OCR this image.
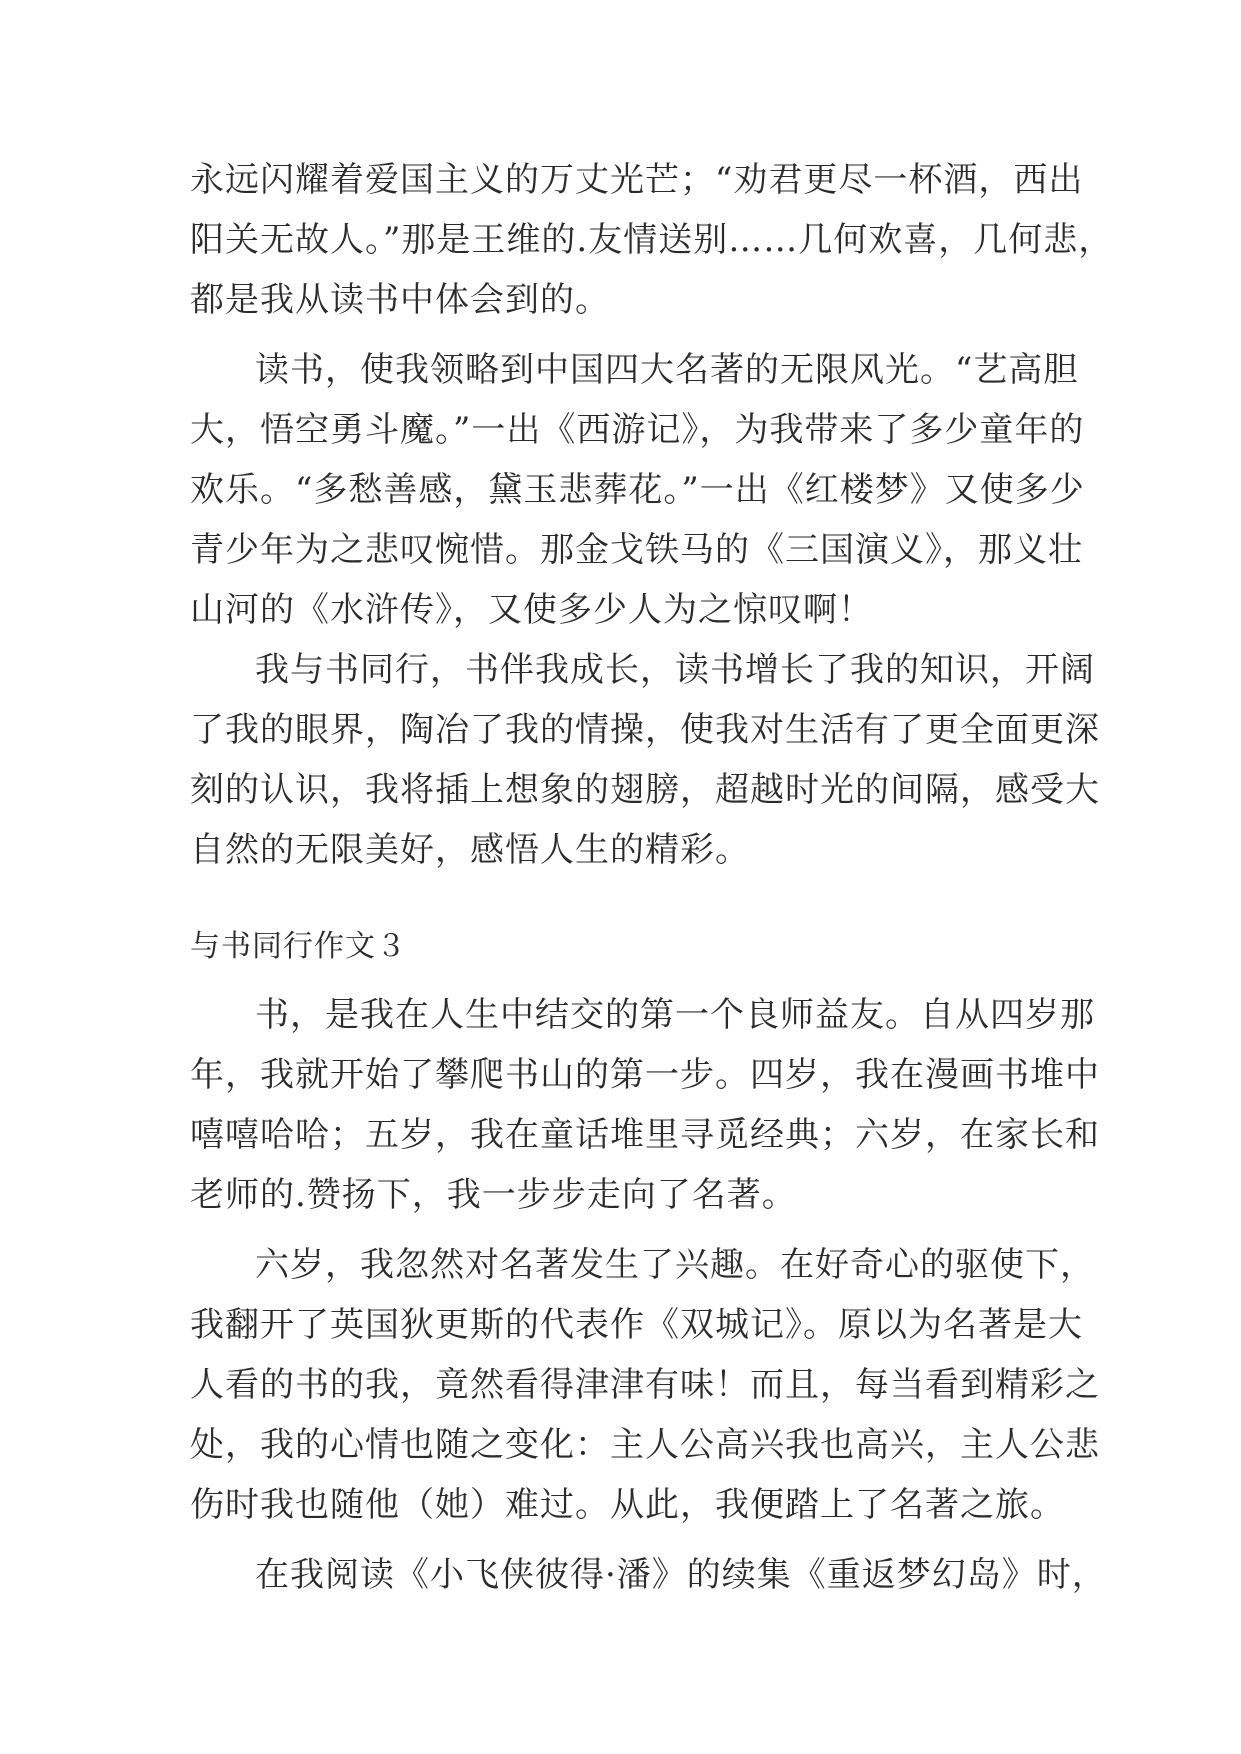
永远闪耀着爱国主义的万丈光芒；“劝君更尽一杯酒，西出
阳关无故人。”那是王维的.友情送别……几何欢喜，几何悲，
都是我从读书中体会到的。
读书，使我领略到中国四大名著的无限风光。“艺高胆
大，悟空勇斗魔。”一出《西游记》，为我带来了多少童年的
欢乐。“多愁善感，黛玉悲葬花。”一出《红楼梦》又使多少
青少年为之悲叹惋惜。那金戈铁马的《三国演义》，那义壮
山河的《水浒传》，又使多少人为之惊叹啊！
我与书同行，书伴我成长，读书增长了我的知识，开阔
了我的眼界，陶冶了我的情操，使我对生活有了更全面更深
刻的认识，我将插上想象的翅膀，超越时光的间隔，感受大
自然的无限美好，感悟人生的精彩。
与书同行作文３
书，是我在人生中结交的第一个良师益友。自从四岁那
年，我就开始了攀爬书山的第一步。四岁，我在漫画书堆中
嘻嘻哈哈；五岁，我在童话堆里寻觅经典；六岁，在家长和
老师的.赞扬下，我一步步走向了名著。
六岁，我忽然对名著发生了兴趣。在好奇心的驱使下，
我翻开了英国狄更斯的代表作《双城记》。原以为名著是大
人看的书的我，竟然看得津津有味！而且，每当看到精彩之
处，我的心情也随之变化：主人公高兴我也高兴，主人公悲
伤时我也随他（她）难过。从此，我便踏上了名著之旅。
在我阅读《小飞侠彼得·潘》的续集《重返梦幻岛》时，
